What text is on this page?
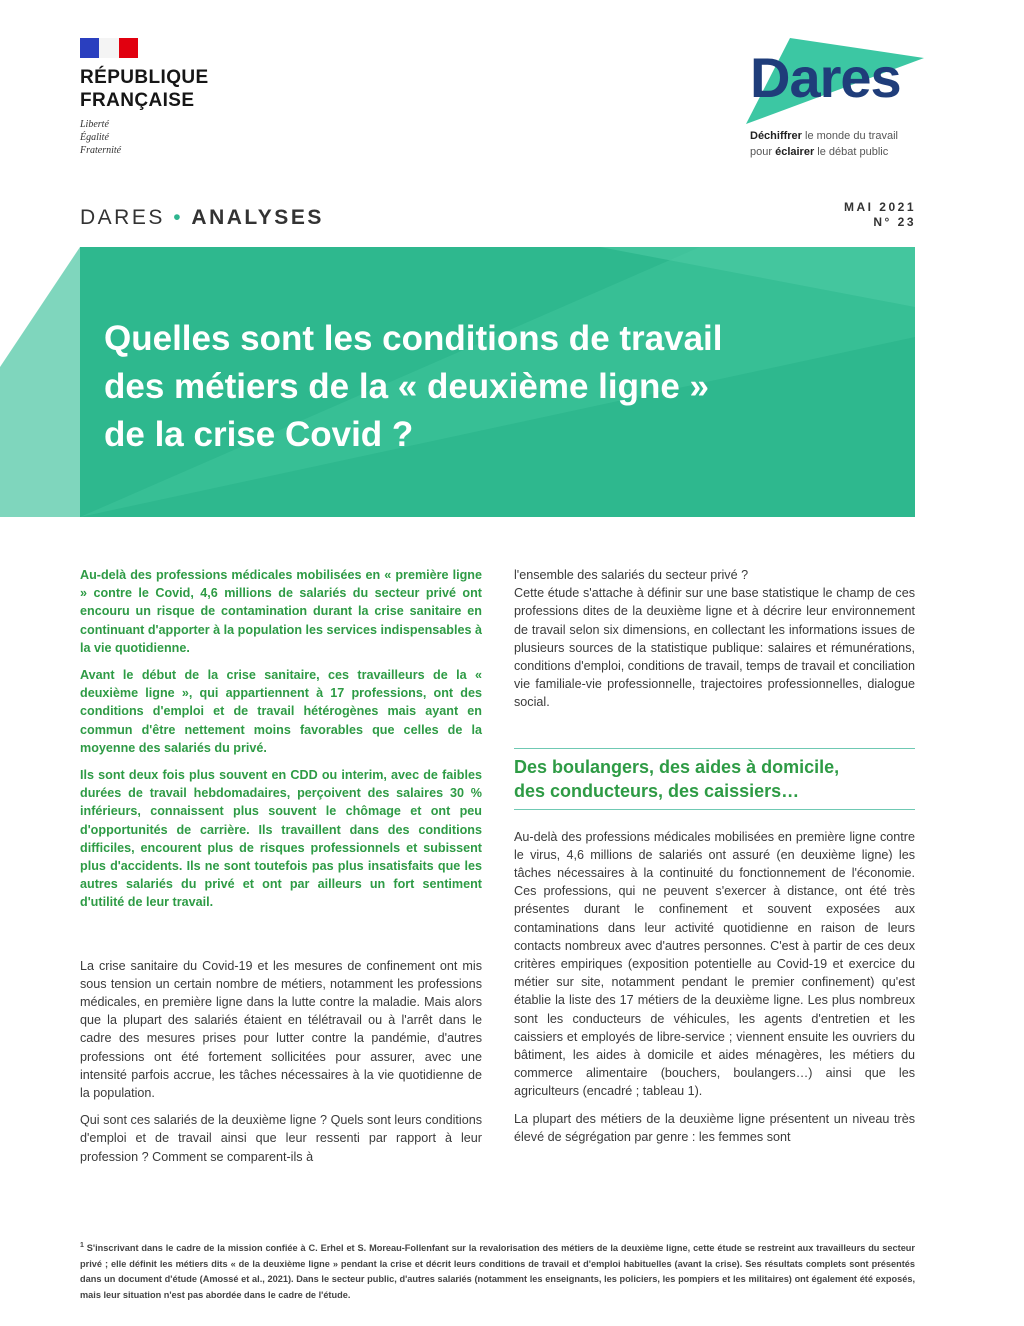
RÉPUBLIQUE
FRANÇAISE
Liberté
Égalité
Fraternité
Dares
Déchiffrer le monde du travail
pour éclairer le débat public
DARES • ANALYSES	MAI 2021
N° 23
Quelles sont les conditions de travail
des métiers de la « deuxième ligne »
de la crise Covid ?

Au-delà des professions médicales mobilisées en « première ligne » contre le Covid, 4,6 millions de salariés du secteur privé ont encouru un risque de contamination durant la crise sanitaire en continuant d'apporter à la population les services indispensables à la vie quotidienne.

Avant le début de la crise sanitaire, ces travailleurs de la « deuxième ligne », qui appartiennent à 17 professions, ont des conditions d'emploi et de travail hétérogènes mais ayant en commun d'être nettement moins favorables que celles de la moyenne des salariés du privé.

Ils sont deux fois plus souvent en CDD ou interim, avec de faibles durées de travail hebdomadaires, perçoivent des salaires 30 % inférieurs, connaissent plus souvent le chômage et ont peu d'opportunités de carrière. Ils travaillent dans des conditions difficiles, encourent plus de risques professionnels et subissent plus d'accidents. Ils ne sont toutefois pas plus insatisfaits que les autres salariés du privé et ont par ailleurs un fort sentiment d'utilité de leur travail.

La crise sanitaire du Covid-19 et les mesures de confinement ont mis sous tension un certain nombre de métiers, notamment les professions médicales, en première ligne dans la lutte contre la maladie. Mais alors que la plupart des salariés étaient en télétravail ou à l'arrêt dans le cadre des mesures prises pour lutter contre la pandémie, d'autres professions ont été fortement sollicitées pour assurer, avec une intensité parfois accrue, les tâches nécessaires à la vie quotidienne de la population.

Qui sont ces salariés de la deuxième ligne ? Quels sont leurs conditions d'emploi et de travail ainsi que leur ressenti par rapport à leur profession ? Comment se comparent-ils à

l'ensemble des salariés du secteur privé ?

Cette étude s'attache à définir sur une base statistique le champ de ces professions dites de la deuxième ligne et à décrire leur environnement de travail selon six dimensions, en collectant les informations issues de plusieurs sources de la statistique publique: salaires et rémunérations, conditions d'emploi, conditions de travail, temps de travail et conciliation vie familiale-vie professionnelle, trajectoires professionnelles, dialogue social.

Des boulangers, des aides à domicile,
des conducteurs, des caissiers…

Au-delà des professions médicales mobilisées en première ligne contre le virus, 4,6 millions de salariés ont assuré (en deuxième ligne) les tâches nécessaires à la continuité du fonctionnement de l'économie. Ces professions, qui ne peuvent s'exercer à distance, ont été très présentes durant le confinement et souvent exposées aux contaminations dans leur activité quotidienne en raison de leurs contacts nombreux avec d'autres personnes. C'est à partir de ces deux critères empiriques (exposition potentielle au Covid-19 et exercice du métier sur site, notamment pendant le premier confinement) qu'est établie la liste des 17 métiers de la deuxième ligne. Les plus nombreux sont les conducteurs de véhicules, les agents d'entretien et les caissiers et employés de libre-service ; viennent ensuite les ouvriers du bâtiment, les aides à domicile et aides ménagères, les métiers du commerce alimentaire (bouchers, boulangers…) ainsi que les agriculteurs (encadré ; tableau 1).

La plupart des métiers de la deuxième ligne présentent un niveau très élevé de ségrégation par genre : les femmes sont

$^1$ S'inscrivant dans le cadre de la mission confiée à C. Erhel et S. Moreau-Follenfant sur la revalorisation des métiers de la deuxième ligne, cette étude se restreint aux travailleurs du secteur privé ; elle définit les métiers dits « de la deuxième ligne » pendant la crise et décrit leurs conditions de travail et d'emploi habituelles (avant la crise). Ses résultats complets sont présentés dans un document d'étude (Amossé et al., 2021). Dans le secteur public, d'autres salariés (notamment les enseignants, les policiers, les pompiers et les militaires) ont également été exposés, mais leur situation n'est pas abordée dans le cadre de l'étude.
